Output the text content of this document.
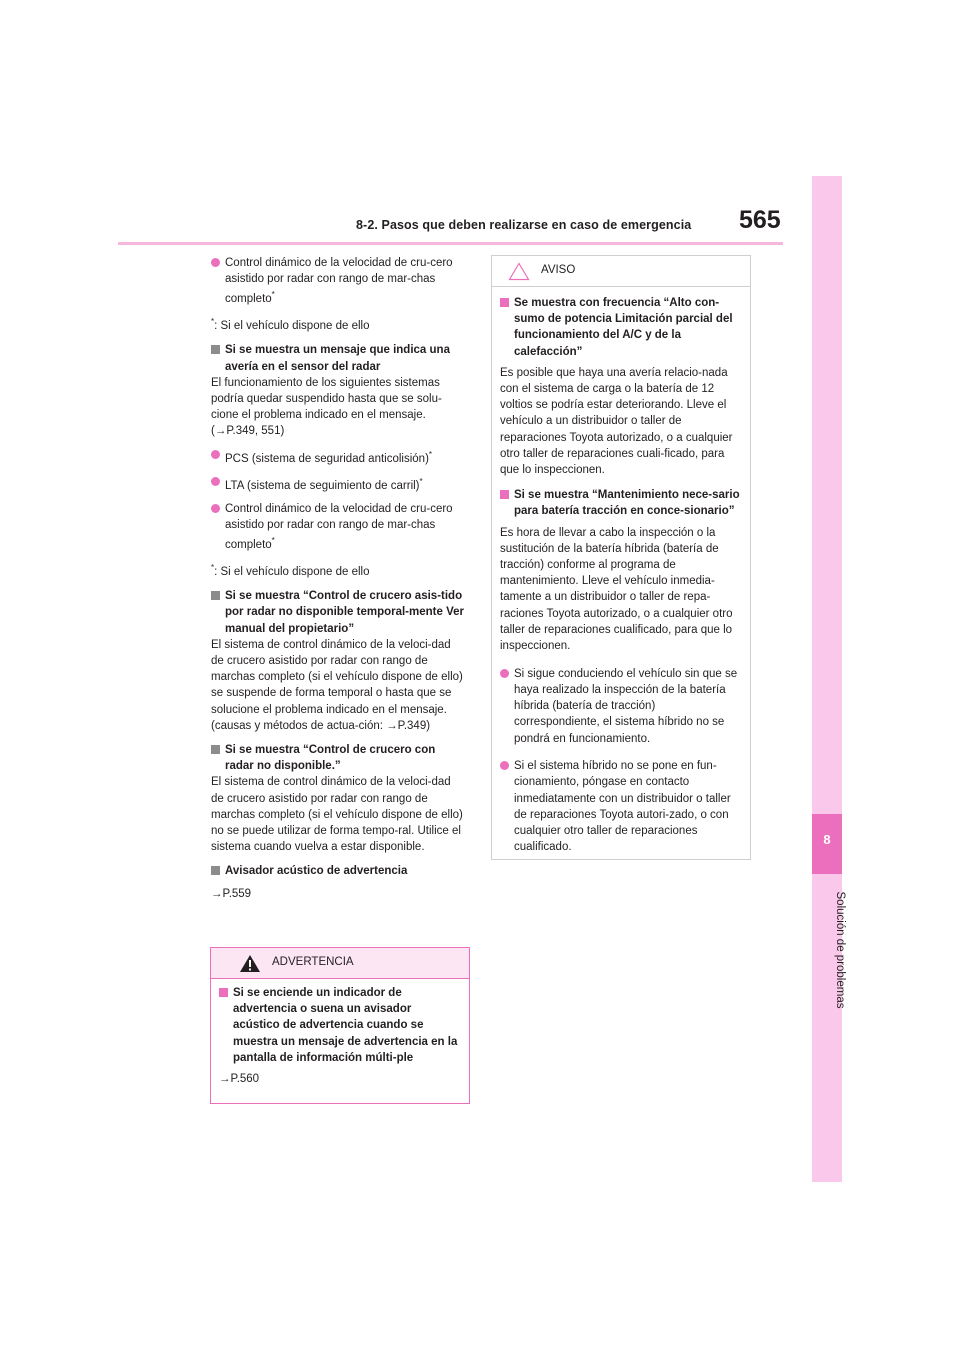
8-2. Pasos que deben realizarse en caso de emergencia 565
8
Solución de problemas

Control dinámico de la velocidad de cru-cero asistido por radar con rango de mar-chas completo*

*: Si el vehículo dispone de ello

Si se muestra un mensaje que indica una avería en el sensor del radar

El funcionamiento de los siguientes sistemas podría quedar suspendido hasta que se solu-cione el problema indicado en el mensaje. (→P.349, 551)

PCS (sistema de seguridad anticolisión)*

LTA (sistema de seguimiento de carril)*

Control dinámico de la velocidad de cru-cero asistido por radar con rango de mar-chas completo*

*: Si el vehículo dispone de ello

Si se muestra “Control de crucero asis-tido por radar no disponible temporal-mente Ver manual del propietario”

El sistema de control dinámico de la veloci-dad de crucero asistido por radar con rango de marchas completo (si el vehículo dispone de ello) se suspende de forma temporal o hasta que se solucione el problema indicado en el mensaje. (causas y métodos de actua-ción: →P.349)

Si se muestra “Control de crucero con radar no disponible.”

El sistema de control dinámico de la veloci-dad de crucero asistido por radar con rango de marchas completo (si el vehículo dispone de ello) no se puede utilizar de forma tempo-ral. Utilice el sistema cuando vuelva a estar disponible.

Avisador acústico de advertencia

→P.559

ADVERTENCIA

Si se enciende un indicador de advertencia o suena un avisador acústico de advertencia cuando se muestra un mensaje de advertencia en la pantalla de información múlti-ple

→P.560

AVISO

Se muestra con frecuencia “Alto con-sumo de potencia Limitación parcial del funcionamiento del A/C y de la calefacción”

Es posible que haya una avería relacio-nada con el sistema de carga o la batería de 12 voltios se podría estar deteriorando. Lleve el vehículo a un distribuidor o taller de reparaciones Toyota autorizado, o a cualquier otro taller de reparaciones cuali-ficado, para que lo inspeccionen.

Si se muestra “Mantenimiento nece-sario para batería tracción en conce-sionario”

Es hora de llevar a cabo la inspección o la sustitución de la batería híbrida (batería de tracción) conforme al programa de mantenimiento. Lleve el vehículo inmedia-tamente a un distribuidor o taller de repa-raciones Toyota autorizado, o a cualquier otro taller de reparaciones cualificado, para que lo inspeccionen.

Si sigue conduciendo el vehículo sin que se haya realizado la inspección de la batería híbrida (batería de tracción) correspondiente, el sistema híbrido no se pondrá en funcionamiento.

Si el sistema híbrido no se pone en fun-cionamiento, póngase en contacto inmediatamente con un distribuidor o taller de reparaciones Toyota autori-zado, o con cualquier otro taller de reparaciones cualificado.
